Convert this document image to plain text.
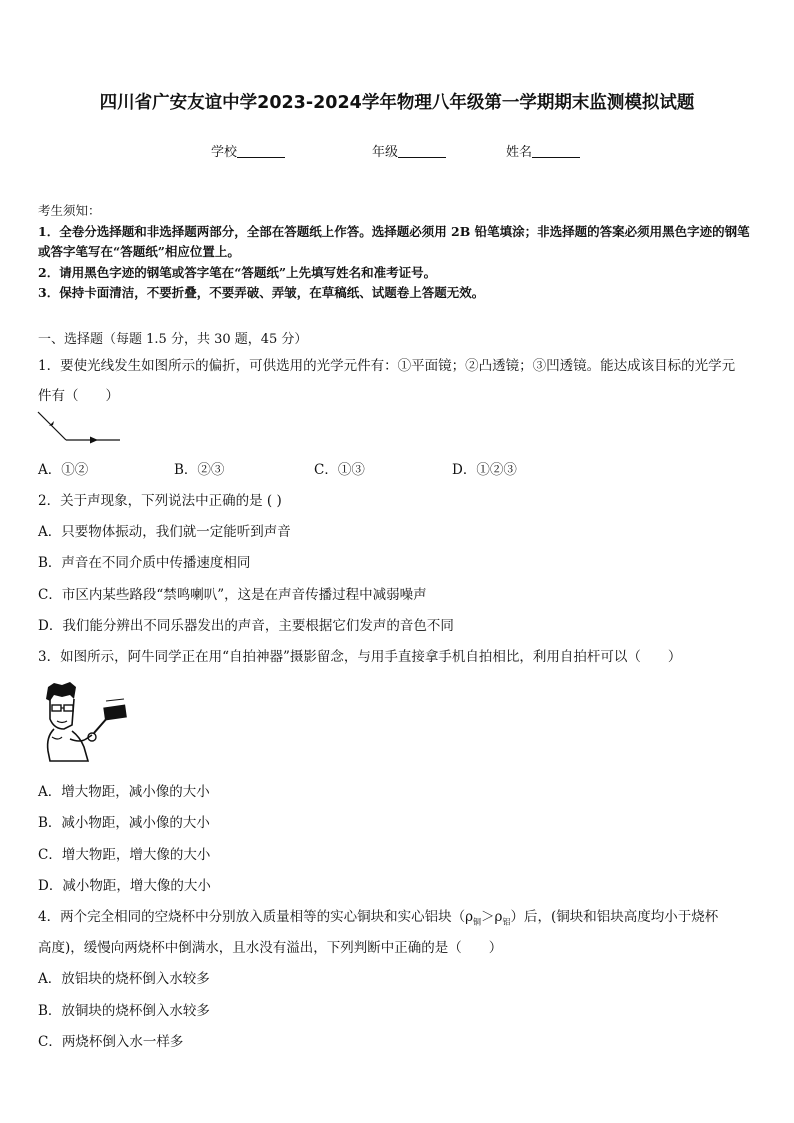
四川省广安友谊中学2023-2024学年物理八年级第一学期期末监测模拟试题
学校	年级	姓名
考生须知：
1．全卷分选择题和非选择题两部分，全部在答题纸上作答。选择题必须用 2B 铅笔填涂；非选择题的答案必须用黑色字迹的钢笔或答字笔写在“答题纸”相应位置上。
2．请用黑色字迹的钢笔或答字笔在“答题纸”上先填写姓名和准考证号。
3．保持卡面清洁，不要折叠，不要弄破、弄皱，在草稿纸、试题卷上答题无效。
一、选择题（每题 1.5 分，共 30 题，45 分）
1．要使光线发生如图所示的偏折，可供选用的光学元件有：①平面镜；②凸透镜；③凹透镜。能达成该目标的光学元
件有（　　）
A．①②	B．②③	C．①③	D．①②③
2．关于声现象，下列说法中正确的是 ( )
A．只要物体振动，我们就一定能听到声音
B．声音在不同介质中传播速度相同
C．市区内某些路段“禁鸣喇叭”，这是在声音传播过程中减弱噪声
D．我们能分辨出不同乐器发出的声音，主要根据它们发声的音色不同
3．如图所示，阿牛同学正在用“自拍神器”摄影留念，与用手直接拿手机自拍相比，利用自拍杆可以（　　）
A．增大物距，减小像的大小
B．减小物距，减小像的大小
C．增大物距，增大像的大小
D．减小物距，增大像的大小
4．两个完全相同的空烧杯中分别放入质量相等的实心铜块和实心铝块$(\rho_铜>\rho_铝)$后，(铜块和铝块高度均小于烧杯
高度)，缓慢向两烧杯中倒满水，且水没有溢出，下列判断中正确的是（　　）
A．放铝块的烧杯倒入水较多
B．放铜块的烧杯倒入水较多
C．两烧杯倒入水一样多
